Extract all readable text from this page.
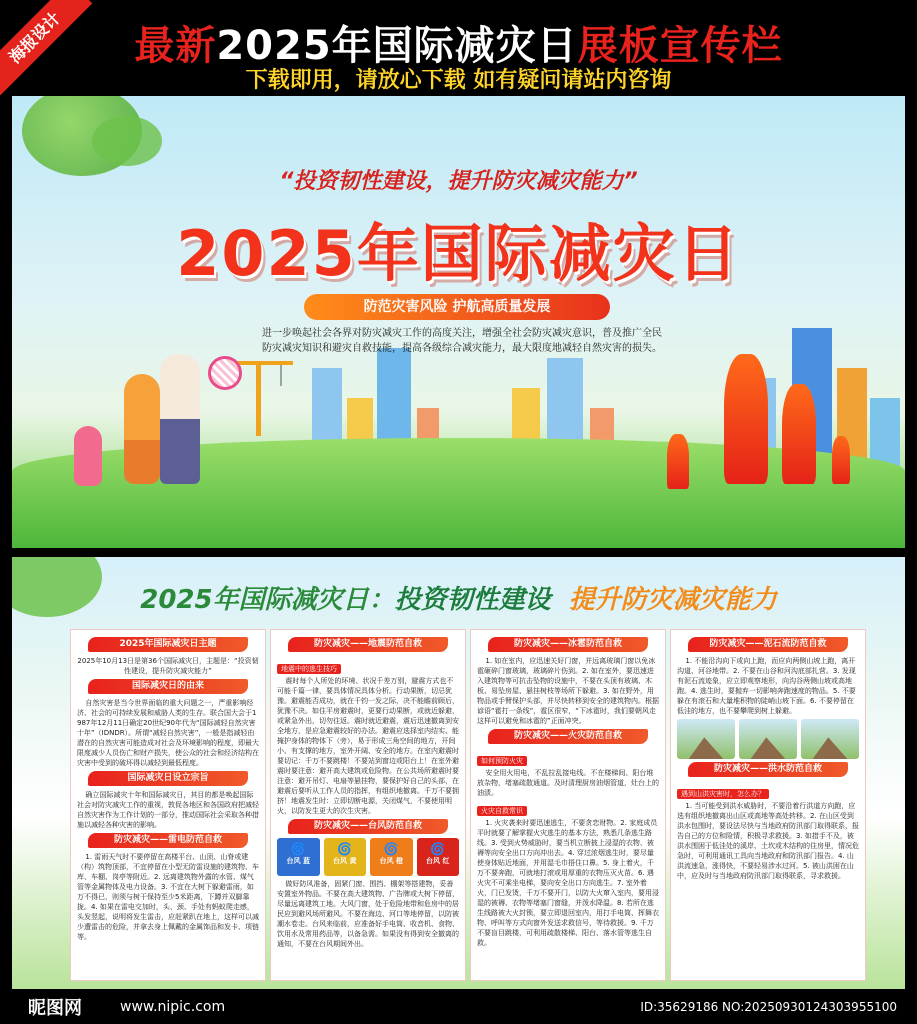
海报设计	最新2025年国际减灾日展板宣传栏
下载即用，请放心下载 如有疑问请站内咨询
“投资韧性建设，提升防灾减灾能力”
2025年国际减灾日
防范灾害风险 护航高质量发展
进一步唤起社会各界对防灾减灾工作的高度关注，增强全社会防灾减灾意识，普及推广全民防灾减灾知识和避灾自救技能，提高各级综合减灾能力，最大限度地减轻自然灾害的损失。
2025年国际减灾日：投资韧性建设 提升防灾减灾能力
2025年国际减灾日主题
2025年10月13日是第36个国际减灾日，主题是：“投资韧性建设，提升防灾减灾能力”
国际减灾日的由来
自然灾害是当今世界面临的重大问题之一，严重影响经济、社会的可持续发展和威胁人类的生存。联合国大会于1987年12月11日确定20世纪90年代为“国际减轻自然灾害十年”（IDNDR）。所谓“减轻自然灾害”，一般是指减轻由潜在的自然灾害可能造成对社会及环境影响的程度，即最大限度减少人员伤亡和财产损失，使公众的社会和经济结构在灾害中受到的破坏得以减轻到最低程度。
国际减灾日设立宗旨
确立国际减灾十年和国际减灾日，其目的都是唤起国际社会对防灾减灾工作的重视，敦促各地区和各国政府把减轻自然灾害作为工作计划的一部分，推动国际社会采取各种措施以减轻各种灾害的影响。
防灾减灾——雷电防范自救
1. 雷雨天气时不要停留在高楼平台、山顶、山脊或建（构）筑物顶部，不宜停留在小型无防雷设施的建筑物、车库、车棚、岗亭等附近。2. 远离建筑物外露的水管、煤气管等金属物体及电力设备。3. 不宜在大树下躲避雷雨，如万不得已，则须与树干保持至少5米距离，下蹲并双脚靠拢。4. 如果在雷电交加时，头、颈、手处有蚂蚁爬走感，头发竖起，说明将发生雷击，应赶紧趴在地上，这样可以减少遭雷击的危险，并拿去身上佩戴的金属饰品和发卡、项链等。
防灾减灾——地震防范自救
地震中的逃生技巧
震时每个人所处的环境、状况千差万别，避震方式也不可能千篇一律，要具体情况具体分析。行动果断，切忌犹豫。避震能否成功，就在千钧一发之际，决不能瞻前顾后，犹豫不决。如住平房避震时，更要行动果断，或就近躲避，或紧急外出，切勿往返。震时就近避震，震后迅速撤离到安全地方，是应急避震较好的办法。避震应选择室内结实、能掩护身体的物体下（旁），易于形成三角空间的地方，开间小、有支撑的地方，室外开阔、安全的地方。在室内避震时要切记：千万不要跳楼！不要站到窗边或阳台上！在室外避震时要注意：避开高大建筑或危险物。在公共场所避震时要注意：避开吊灯、电扇等悬挂物，要保护好自己的头部，在避震后要听从工作人员的指挥，有组织地撤离。千万不要拥挤！地震发生时：立即切断电源，关闭煤气，不要使用明火，以防发生更大的次生灾害。
防灾减灾——台风防范自救
🌀
台风 蓝
🌀
台风 黄
🌀
台风 橙
🌀
台风 红
做好防风准备，固紧门窗、围挡、棚架等搭建物，妥善安置室外物品。不要在高大建筑物、广告牌或大树下停留，尽量远离建筑工地。大风门窗，处于危险地带和危房中的居民应到避风场所避风。不要在海边、河口等地停留，以防被潮水卷走。台风来临前，应准备好手电筒、收音机、食物、饮用水及常用药品等，以备急需。如果没有得到安全撤离的通知，不要在台风期间外出。
防灾减灾——冰雹防范自救
1. 如在室内，应迅速关好门窗，并远离玻璃门窗以免冰雹砸碎门窗玻璃，玻璃碎片伤到。2. 如在室外，要迅速进入建筑物等可抗击坠物的设施中，不要在头顶有玻璃、木板、易坠房屋、悬挂树枝等场所下躲避。3. 如在野外，用物品或手臂保护头部，并尽快转移到安全的建筑物内。根据谚语“雹打一条线”，雹区很窄，“下冰雹时，我们要朝风走这样可以避免和冰雹的”正面冲突。
防灾减灾——火灾防范自救
如何预防火灾
安全用火用电，不乱拉乱接电线。不在楼梯间、阳台堆放杂物，堵塞疏散通道。及时清理厨房油烟管道，灶台上的油渍。
火灾自救常识
1. 火灾袭来时要迅速逃生，不要贪恋财物。2. 家庭成员平时就要了解掌握火灾逃生的基本方法，熟悉几条逃生路线。3. 受到火势威胁时，要当机立断披上浸湿的衣物、被褥等向安全出口方向冲出去。4. 穿过浓烟逃生时，要尽量使身体贴近地面，并用湿毛巾捂住口鼻。5. 身上着火，千万不要奔跑，可就地打滚或用厚重的衣物压灭火苗。6. 遇火灾不可乘坐电梯，要向安全出口方向逃生。7. 室外着火，门已发烫，千万不要开门，以防大火窜入室内，要用浸湿的被褥、衣物等堵塞门窗缝，并泼水降温。8. 若所在逃生线路被大火封锁，要立即退回室内，用打手电筒、挥舞衣物、呼叫等方式向窗外发送求救信号，等待救援。9. 千万不要盲目跳楼，可利用疏散楼梯、阳台、落水管等逃生自救。
防灾减灾——泥石流防范自救
1. 不能沿沟向下或向上跑，而应向两侧山坡上跑，离开沟道、河谷地带。2. 不要在山谷和河沟底部扎营。3. 发现有泥石流迹象，应立即观察地形，向沟谷两侧山坡或高地跑。4. 逃生时，要抛弃一切影响奔跑速度的物品。5. 不要躲在有滚石和大量堆积物的陡峭山坡下面。6. 不要停留在低洼的地方，也不要攀爬到树上躲避。
防灾减灾——洪水防范自救
遇到山洪灾害时，怎么办？
1. 当可能受到洪水威胁时，不要沿着行洪道方向跑，应选有组织地撤离出山区或高地等高处转移。2. 在山区受到洪水包围时，要设法尽快与当地政府防汛部门取得联系，报告自己的方位和险情，积极寻求救援。3. 如措手不及，被洪水围困于低洼处的溪岸、土坎或木结构的住房里，情况危急时，可利用通讯工具向当地政府和防汛部门报告。4. 山洪流速急，涨得快，不要轻易涉水过河。5. 被山洪困在山中，应及时与当地政府防汛部门取得联系，寻求救援。
昵图网	www.nipic.com	ID:35629186 NO:20250930124303955100
